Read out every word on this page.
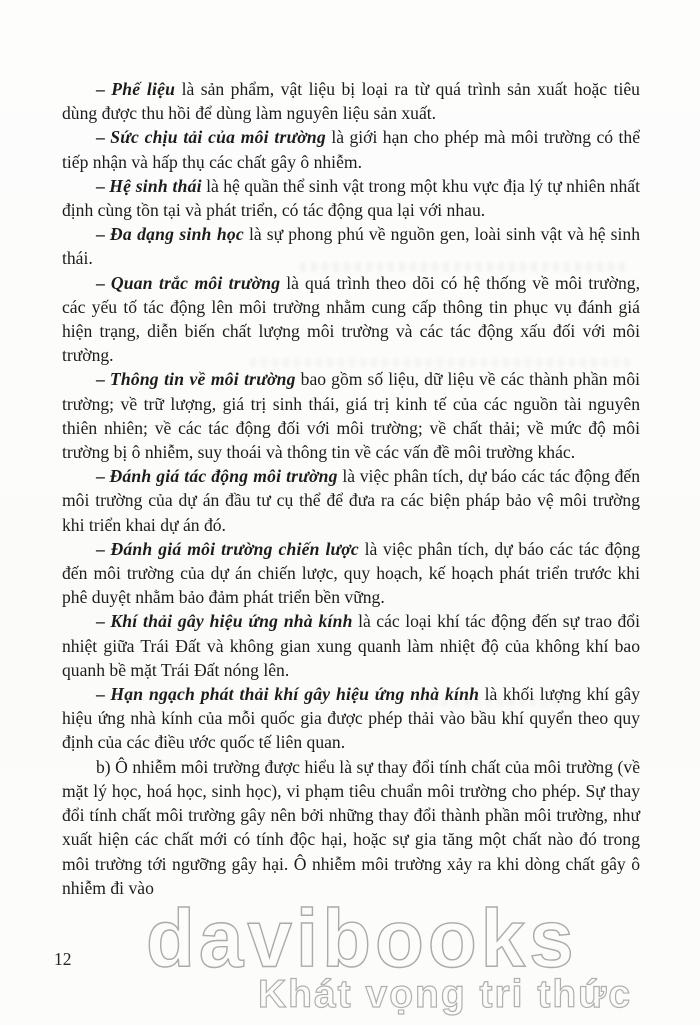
– Phế liệu là sản phẩm, vật liệu bị loại ra từ quá trình sản xuất hoặc tiêu dùng được thu hồi để dùng làm nguyên liệu sản xuất.

– Sức chịu tải của môi trường là giới hạn cho phép mà môi trường có thể tiếp nhận và hấp thụ các chất gây ô nhiễm.

– Hệ sinh thái là hệ quần thể sinh vật trong một khu vực địa lý tự nhiên nhất định cùng tồn tại và phát triển, có tác động qua lại với nhau.

– Đa dạng sinh học là sự phong phú về nguồn gen, loài sinh vật và hệ sinh thái.

– Quan trắc môi trường là quá trình theo dõi có hệ thống về môi trường, các yếu tố tác động lên môi trường nhằm cung cấp thông tin phục vụ đánh giá hiện trạng, diễn biến chất lượng môi trường và các tác động xấu đối với môi trường.

– Thông tin về môi trường bao gồm số liệu, dữ liệu về các thành phần môi trường; về trữ lượng, giá trị sinh thái, giá trị kinh tế của các nguồn tài nguyên thiên nhiên; về các tác động đối với môi trường; về chất thải; về mức độ môi trường bị ô nhiễm, suy thoái và thông tin về các vấn đề môi trường khác.

– Đánh giá tác động môi trường là việc phân tích, dự báo các tác động đến môi trường của dự án đầu tư cụ thể để đưa ra các biện pháp bảo vệ môi trường khi triển khai dự án đó.

– Đánh giá môi trường chiến lược là việc phân tích, dự báo các tác động đến môi trường của dự án chiến lược, quy hoạch, kế hoạch phát triển trước khi phê duyệt nhằm bảo đảm phát triển bền vững.

– Khí thải gây hiệu ứng nhà kính là các loại khí tác động đến sự trao đổi nhiệt giữa Trái Đất và không gian xung quanh làm nhiệt độ của không khí bao quanh bề mặt Trái Đất nóng lên.

– Hạn ngạch phát thải khí gây hiệu ứng nhà kính là khối lượng khí gây hiệu ứng nhà kính của mỗi quốc gia được phép thải vào bầu khí quyển theo quy định của các điều ước quốc tế liên quan.

b) Ô nhiễm môi trường được hiểu là sự thay đổi tính chất của môi trường (về mặt lý học, hoá học, sinh học), vi phạm tiêu chuẩn môi trường cho phép. Sự thay đổi tính chất môi trường gây nên bởi những thay đổi thành phần môi trường, như xuất hiện các chất mới có tính độc hại, hoặc sự gia tăng một chất nào đó trong môi trường tới ngưỡng gây hại. Ô nhiễm môi trường xảy ra khi dòng chất gây ô nhiễm đi vào

davibooks
Khát vọng tri thức
12
